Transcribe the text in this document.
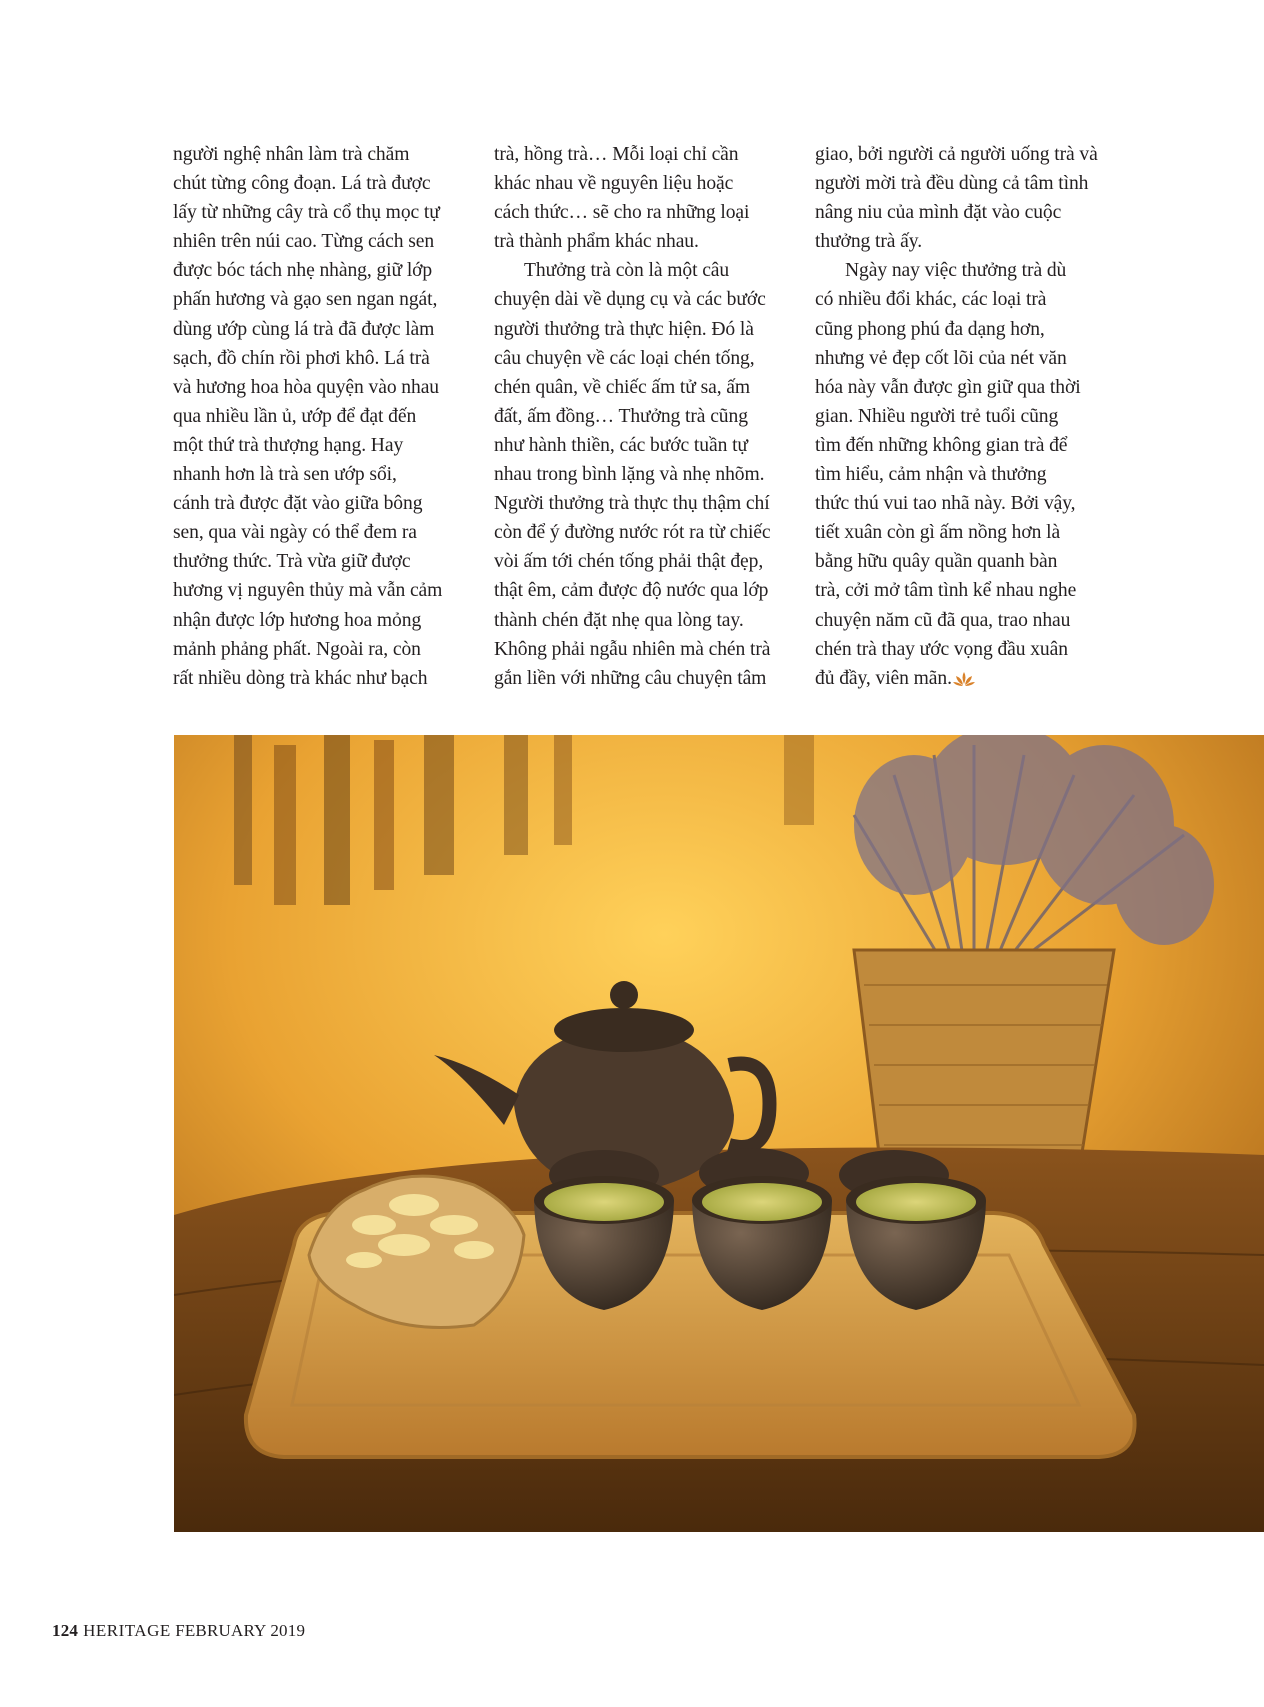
người nghệ nhân làm trà chăm
chút từng công đoạn. Lá trà được
lấy từ những cây trà cổ thụ mọc tự
nhiên trên núi cao. Từng cách sen
được bóc tách nhẹ nhàng, giữ lớp
phấn hương và gạo sen ngan ngát,
dùng ướp cùng lá trà đã được làm
sạch, đồ chín rồi phơi khô. Lá trà
và hương hoa hòa quyện vào nhau
qua nhiều lần ủ, ướp để đạt đến
một thứ trà thượng hạng. Hay
nhanh hơn là trà sen ướp sổi,
cánh trà được đặt vào giữa bông
sen, qua vài ngày có thể đem ra
thưởng thức. Trà vừa giữ được
hương vị nguyên thủy mà vẫn cảm
nhận được lớp hương hoa mỏng
mảnh phảng phất. Ngoài ra, còn
rất nhiều dòng trà khác như bạch
trà, hồng trà… Mỗi loại chỉ cần
khác nhau về nguyên liệu hoặc
cách thức… sẽ cho ra những loại
trà thành phẩm khác nhau.
Thưởng trà còn là một câu
chuyện dài về dụng cụ và các bước
người thưởng trà thực hiện. Đó là
câu chuyện về các loại chén tống,
chén quân, về chiếc ấm tử sa, ấm
đất, ấm đồng… Thưởng trà cũng
như hành thiền, các bước tuần tự
nhau trong bình lặng và nhẹ nhõm.
Người thưởng trà thực thụ thậm chí
còn để ý đường nước rót ra từ chiếc
vòi ấm tới chén tống phải thật đẹp,
thật êm, cảm được độ nước qua lớp
thành chén đặt nhẹ qua lòng tay.
Không phải ngẫu nhiên mà chén trà
gắn liền với những câu chuyện tâm
giao, bởi người cả người uống trà và
người mời trà đều dùng cả tâm tình
nâng niu của mình đặt vào cuộc
thưởng trà ấy.
Ngày nay việc thưởng trà dù
có nhiều đổi khác, các loại trà
cũng phong phú đa dạng hơn,
nhưng vẻ đẹp cốt lõi của nét văn
hóa này vẫn được gìn giữ qua thời
gian. Nhiều người trẻ tuổi cũng
tìm đến những không gian trà để
tìm hiểu, cảm nhận và thưởng
thức thú vui tao nhã này. Bởi vậy,
tiết xuân còn gì ấm nồng hơn là
bằng hữu quây quần quanh bàn
trà, cởi mở tâm tình kể nhau nghe
chuyện năm cũ đã qua, trao nhau
chén trà thay ước vọng đầu xuân
đủ đầy, viên mãn.
124 HERITAGE FEBRUARY 2019
